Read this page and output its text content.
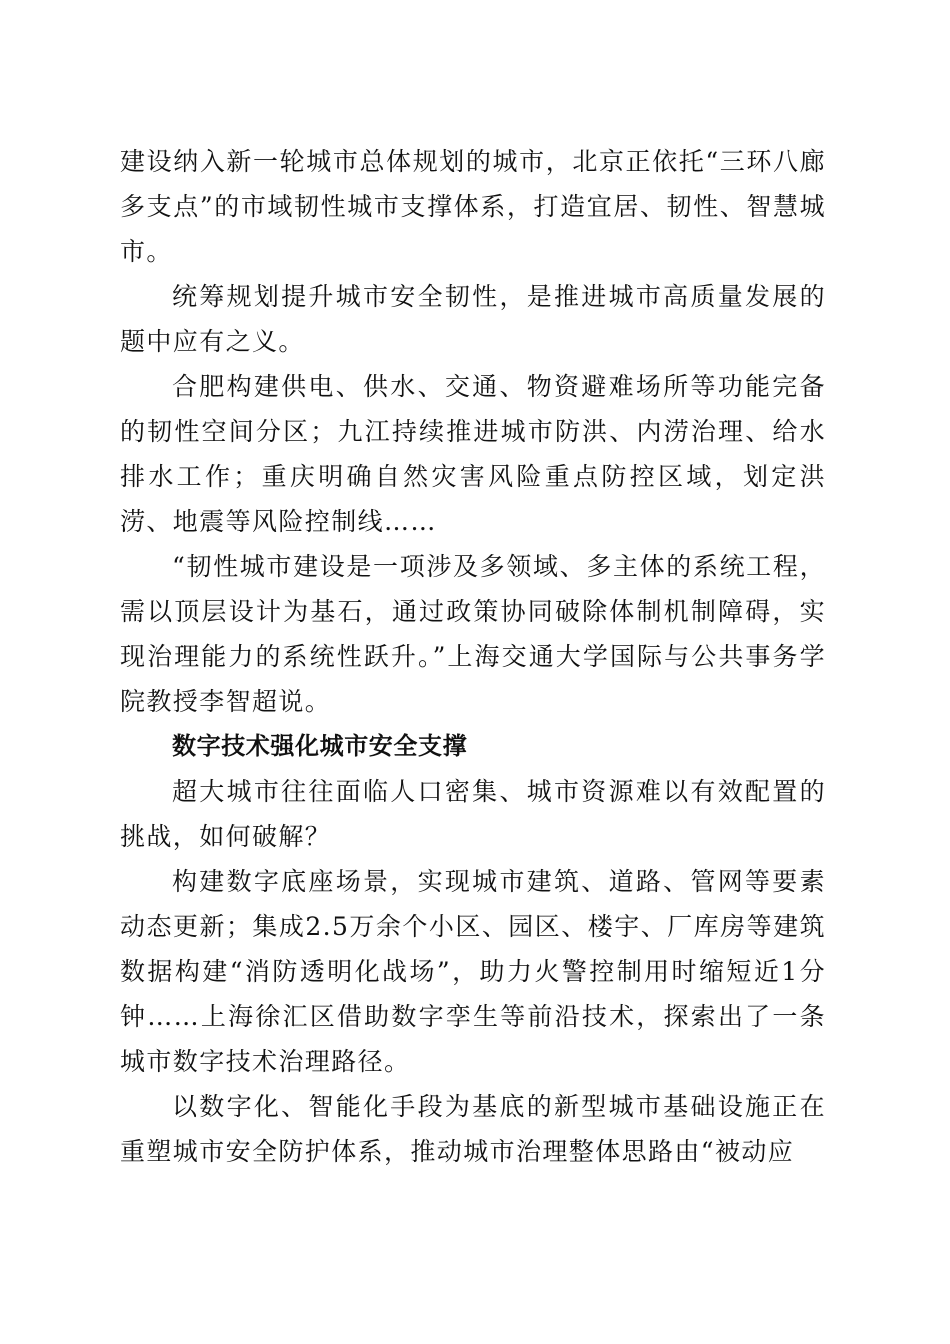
建设纳入新一轮城市总体规划的城市，北京正依托“三环八廊多支点”的市域韧性城市支撑体系，打造宜居、韧性、智慧城市。

统筹规划提升城市安全韧性，是推进城市高质量发展的题中应有之义。

合肥构建供电、供水、交通、物资避难场所等功能完备的韧性空间分区；九江持续推进城市防洪、内涝治理、给水排水工作；重庆明确自然灾害风险重点防控区域，划定洪涝、地震等风险控制线……

“韧性城市建设是一项涉及多领域、多主体的系统工程，需以顶层设计为基石，通过政策协同破除体制机制障碍，实现治理能力的系统性跃升。”上海交通大学国际与公共事务学院教授李智超说。

数字技术强化城市安全支撑

超大城市往往面临人口密集、城市资源难以有效配置的挑战，如何破解？

构建数字底座场景，实现城市建筑、道路、管网等要素动态更新；集成2.5万余个小区、园区、楼宇、厂库房等建筑数据构建“消防透明化战场”，助力火警控制用时缩短近1分钟……上海徐汇区借助数字孪生等前沿技术，探索出了一条城市数字技术治理路径。

以数字化、智能化手段为基底的新型城市基础设施正在重塑城市安全防护体系，推动城市治理整体思路由“被动应
